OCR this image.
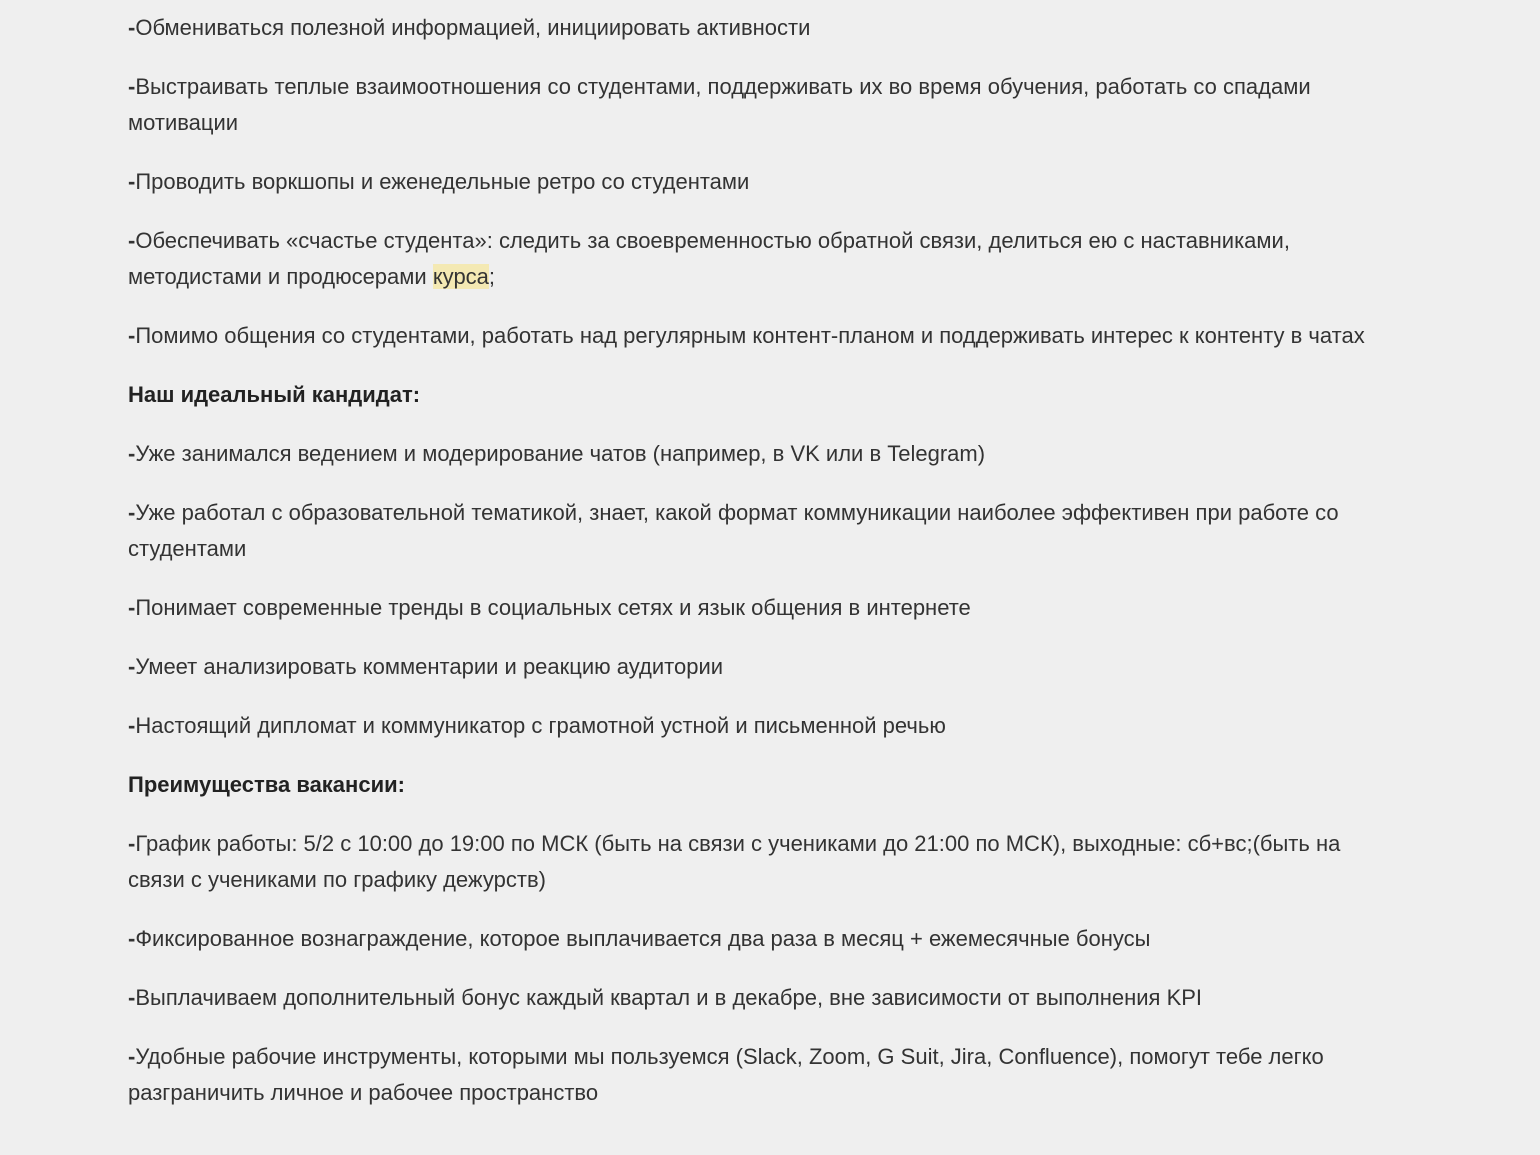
-Обмениваться полезной информацией, инициировать активности

-Выстраивать теплые взаимоотношения со студентами, поддерживать их во время обучения, работать со спадами мотивации

-Проводить воркшопы и еженедельные ретро со студентами

-Обеспечивать «счастье студента»: следить за своевременностью обратной связи, делиться ею с наставниками, методистами и продюсерами курса;

-Помимо общения со студентами, работать над регулярным контент-планом и поддерживать интерес к контенту в чатах

Наш идеальный кандидат:

-Уже занимался ведением и модерирование чатов (например, в VK или в Telegram)

-Уже работал с образовательной тематикой, знает, какой формат коммуникации наиболее эффективен при работе со студентами

-Понимает современные тренды в социальных сетях и язык общения в интернете

-Умеет анализировать комментарии и реакцию аудитории

-Настоящий дипломат и коммуникатор с грамотной устной и письменной речью

Преимущества вакансии:

-График работы: 5/2 с 10:00 до 19:00 по МСК (быть на связи с учениками до 21:00 по МСК), выходные: сб+вс;(быть на связи с учениками по графику дежурств)

-Фиксированное вознаграждение, которое выплачивается два раза в месяц + ежемесячные бонусы

-Выплачиваем дополнительный бонус каждый квартал и в декабре, вне зависимости от выполнения KPI

-Удобные рабочие инструменты, которыми мы пользуемся (Slack, Zoom, G Suit, Jira, Confluence), помогут тебе легко разграничить личное и рабочее пространство
